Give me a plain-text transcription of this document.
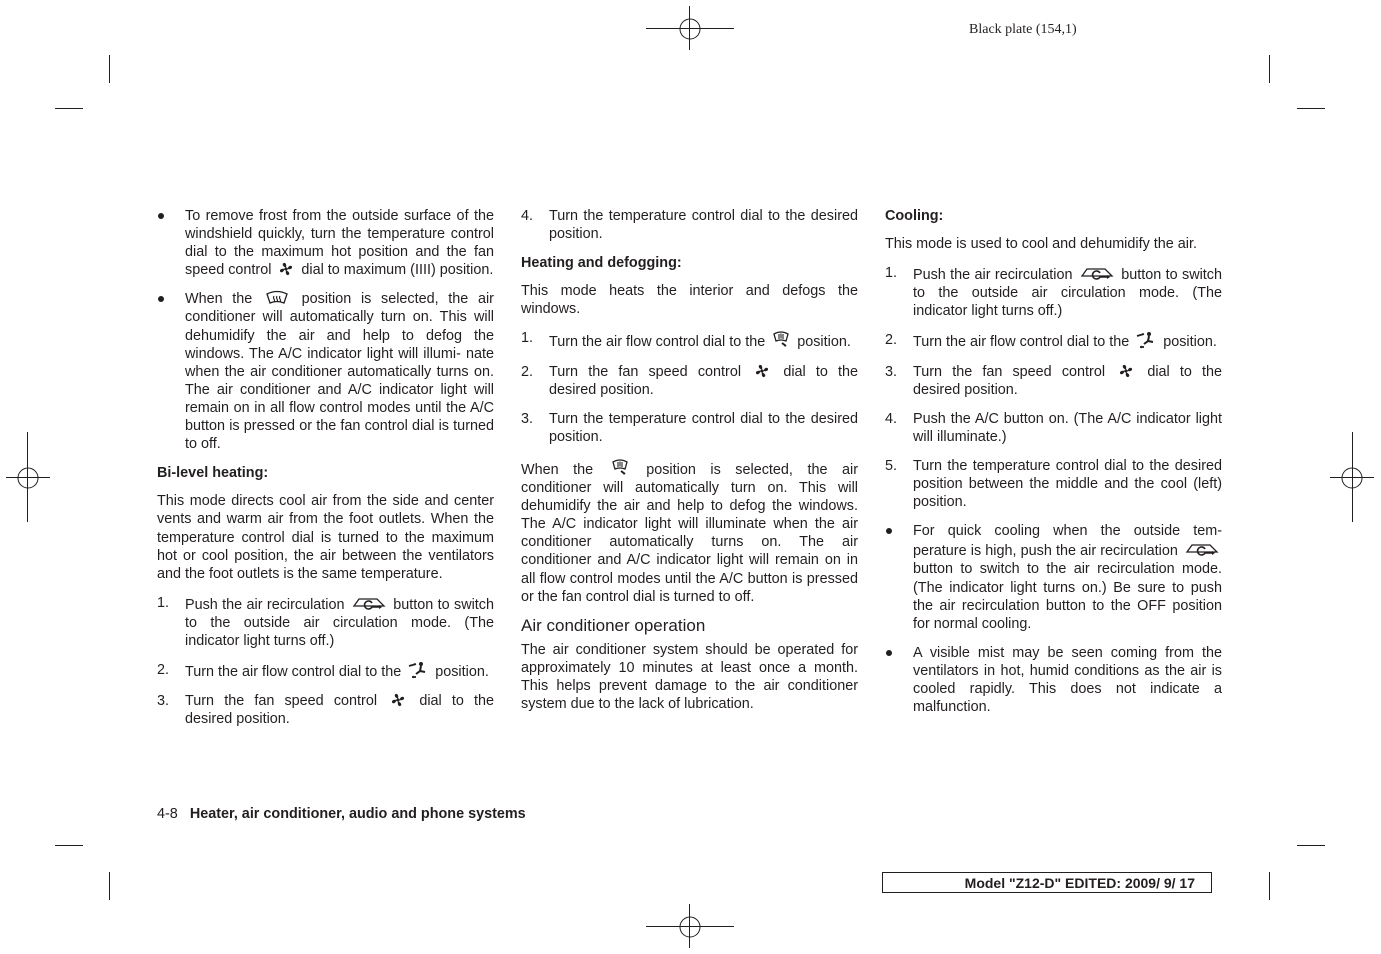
Black plate (154,1)
To remove frost from the outside surface of the windshield quickly, turn the temperature control dial to the maximum hot position and the fan speed control dial to maximum (IIII) position.
When the	position is selected, the air conditioner will automatically turn on. This will dehumidify the air and help to defog the windows. The A/C indicator light will illumi- nate when the air conditioner automatically turns on. The air conditioner and A/C indicator light will remain on in all flow control modes until the A/C button is pressed or the fan control dial is turned to off.
Bi-level heating:
This mode directs cool air from the side and center vents and warm air from the foot outlets. When the temperature control dial is turned to the maximum hot or cool position, the air between the ventilators and the foot outlets is the same temperature.
1. Push the air recirculation	button to switch to the outside air circulation mode. (The indicator light turns off.)
2. Turn the air flow control dial to the position.
3. Turn the fan speed control	dial to the desired position.
4. Turn the temperature control dial to the desired position.
Heating and defogging:
This mode heats the interior and defogs the windows.
1. Turn the air flow control dial to the position.
2. Turn the fan speed control	dial to the desired position.
3. Turn the temperature control dial to the desired position.
When the	position is selected, the air conditioner will automatically turn on. This will dehumidify the air and help to defog the windows. The A/C indicator light will illuminate when the air conditioner automatically turns on. The air conditioner and A/C indicator light will remain on in all flow control modes until the A/C button is pressed or the fan control dial is turned to off.
Air conditioner operation
The air conditioner system should be operated for approximately 10 minutes at least once a month. This helps prevent damage to the air conditioner system due to the lack of lubrication.
Cooling:
This mode is used to cool and dehumidify the air.
1. Push the air recirculation	button to switch to the outside air circulation mode. (The indicator light turns off.)
2. Turn the air flow control dial to the position.
3. Turn the fan speed control	dial to the desired position.
4. Push the A/C button on. (The A/C indicator light will illuminate.)
5. Turn the temperature control dial to the desired position between the middle and the cool (left) position.
For quick cooling when the outside tem- perature is high, push the air recirculation  button to switch to the air recirculation mode. (The indicator light turns on.) Be sure to push the air recirculation button to the OFF position for normal cooling.
A visible mist may be seen coming from the ventilators in hot, humid conditions as the air is cooled rapidly. This does not indicate a malfunction.
4-8 Heater, air conditioner, audio and phone systems
Model "Z12-D" EDITED: 2009/ 9/ 17
